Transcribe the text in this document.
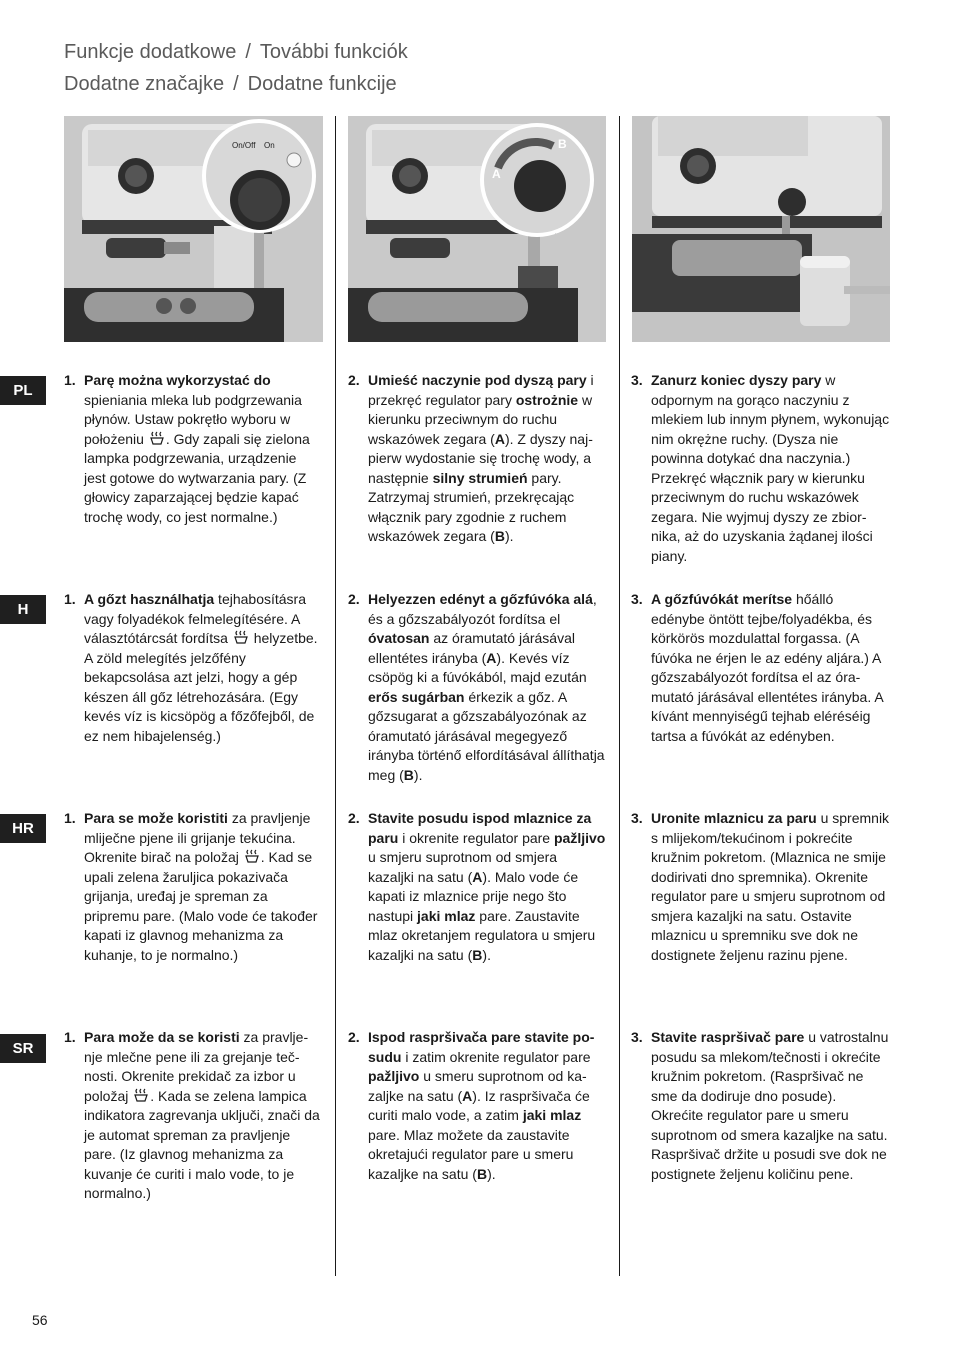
Funkcje dodatkowe / További funkciók
Dodatne značajke / Dodatne funkcije
On/Off On
A
B
PL
H
HR
SR
1. Parę można wykorzystać do spieniania mleka lub podgrzewania płynów. Ustaw pokrętło wyboru w położeniu . Gdy zapali się zielona lampka podgrzewania, urządzenie jest gotowe do wytwarzania pary. (Z głowicy zaparzającej będzie kapać trochę wody, co jest normalne.)
2. Umieść naczynie pod dyszą pary i przekręć regulator pary ostrożnie w kierunku przeciwnym do ruchu wskazówek zegara (A). Z dyszy najpierw wydostanie się trochę wody, a następnie silny strumień pary. Zatrzymaj strumień, przekręcając włącznik pary zgodnie z ruchem wskazówek zegara (B).
3. Zanurz koniec dyszy pary w odpornym na gorąco naczyniu z mlekiem lub innym płynem, wykonując nim okrężne ruchy. (Dysza nie powinna dotykać dna naczynia.) Przekręć włącznik pary w kierunku przeciwnym do ruchu wskazówek zegara. Nie wyjmuj dyszy ze zbiornika, aż do uzyskania żądanej ilości piany.
1. A gőzt használhatja tejhabosításra vagy folyadékok felmelegítésére. A választótárcsát fordítsa  helyzetbe. A zöld melegítés jelzőfény bekapcsolása azt jelzi, hogy a gép készen áll gőz létrehozására. (Egy kevés víz is kicsöpög a főzőfejből, de ez nem hibajelenség.)
2. Helyezzen edényt a gőzfúvóka alá, és a gőzszabályozót fordítsa el óvatosan az óramutató járásával ellentétes irányba (A). Kevés víz csöpög ki a fúvókából, majd ezután erős sugárban érkezik a gőz. A gőzsugarat a gőzszabályozónak az óramutató járásával megegyező irányba történő elfordításával állíthatja meg (B).
3. A gőzfúvókát merítse hőálló edénybe öntött tejbe/folyadékba, és körkörös mozdulattal forgassa. (A fúvóka ne érjen le az edény aljára.) A gőzszabályozót fordítsa el az óramutató járásával ellentétes irányba. A kívánt mennyiségű tejhab eléréséig tartsa a fúvókát az edényben.
1. Para se može koristiti za pravljenje mliječne pjene ili grijanje tekućina. Okrenite birač na položaj . Kad se upali zelena žaruljica pokazivača grijanja, uređaj je spreman za pripremu pare. (Malo vode će također kapati iz glavnog mehanizma za kuhanje, to je normalno.)
2. Stavite posudu ispod mlaznice za paru i okrenite regulator pare pažljivo u smjeru suprotnom od smjera kazaljki na satu (A). Malo vode će kapati iz mlaznice prije nego što nastupi jaki mlaz pare. Zaustavite mlaz okretanjem regulatora u smjeru kazaljki na satu (B).
3. Uronite mlaznicu za paru u spremnik s mlijekom/tekućinom i pokrećite kružnim pokretom. (Mlaznica ne smije dodirivati dno spremnika). Okrenite regulator pare u smjeru suprotnom od smjera kazaljki na satu. Ostavite mlaznicu u spremniku sve dok ne dostignete željenu razinu pjene.
1. Para može da se koristi za pravljenje mlečne pene ili za grejanje tečnosti. Okrenite prekidač za izbor u položaj . Kada se zelena lampica indikatora zagrevanja uključi, znači da je automat spreman za pravljenje pare. (Iz glavnog mehanizma za kuvanje će curiti i malo vode, to je normalno.)
2. Ispod raspršivača pare stavite posudu i zatim okrenite regulator pare pažljivo u smeru suprotnom od kazaljke na satu (A). Iz raspršivača će curiti malo vode, a zatim jaki mlaz pare. Mlaz možete da zaustavite okretajući regulator pare u smeru kazaljke na satu (B).
3. Stavite raspršivač pare u vatrostalnu posudu sa mlekom/tečnosti i okrećite kružnim pokretom. (Raspršivač ne sme da dodiruje dno posude). Okrećite regulator pare u smeru suprotnom od smera kazaljke na satu. Raspršivač držite u posudi sve dok ne postignete željenu količinu pene.
56
